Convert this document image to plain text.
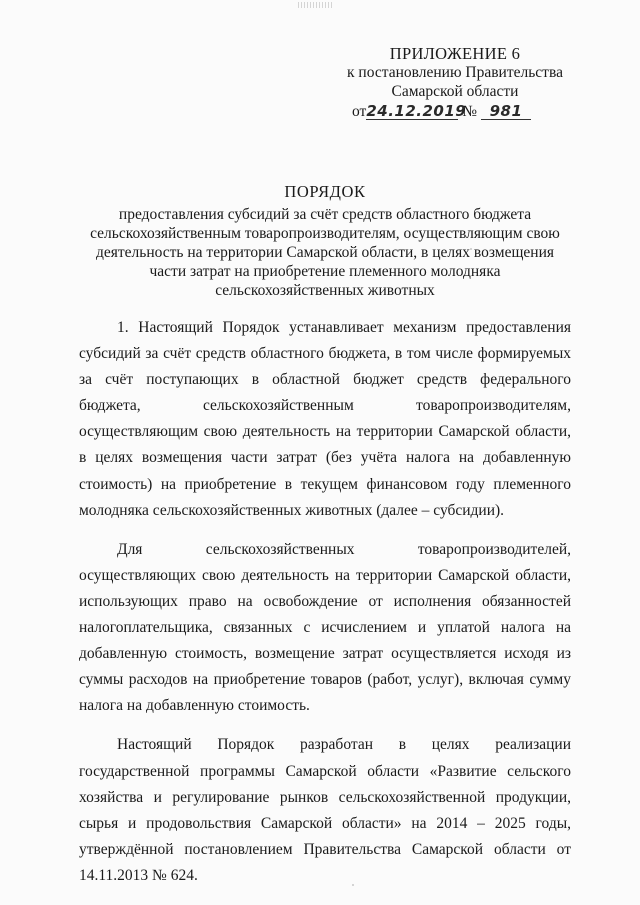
ПРИЛОЖЕНИЕ 6
к постановлению Правительства
Самарской области
от24.12.2019 № 981
ПОРЯДОК
предоставления субсидий за счёт средств областного бюджета сельскохозяйственным товаропроизводителям, осуществляющим свою деятельность на территории Самарской области, в целях возмещения части затрат на приобретение племенного молодняка сельскохозяйственных животных

1. Настоящий Порядок устанавливает механизм предоставления субсидий за счёт средств областного бюджета, в том числе формируемых за счёт поступающих в областной бюджет средств федерального бюджета, сельскохозяйственным товаропроизводителям, осуществляющим свою деятельность на территории Самарской области, в целях возмещения части затрат (без учёта налога на добавленную стоимость) на приобретение в текущем финансовом году племенного молодняка сельскохозяйственных животных (далее – субсидии).

Для сельскохозяйственных товаропроизводителей, осуществляющих свою деятельность на территории Самарской области, использующих право на освобождение от исполнения обязанностей налогоплательщика, связанных с исчислением и уплатой налога на добавленную стоимость, возмещение затрат осуществляется исходя из суммы расходов на приобретение товаров (работ, услуг), включая сумму налога на добавленную стоимость.

Настоящий Порядок разработан в целях реализации государственной программы Самарской области «Развитие сельского хозяйства и регулирование рынков сельскохозяйственной продукции, сырья и продовольствия Самарской области» на 2014 – 2025 годы, утверждённой постановлением Правительства Самарской области от 14.11.2013 № 624.
